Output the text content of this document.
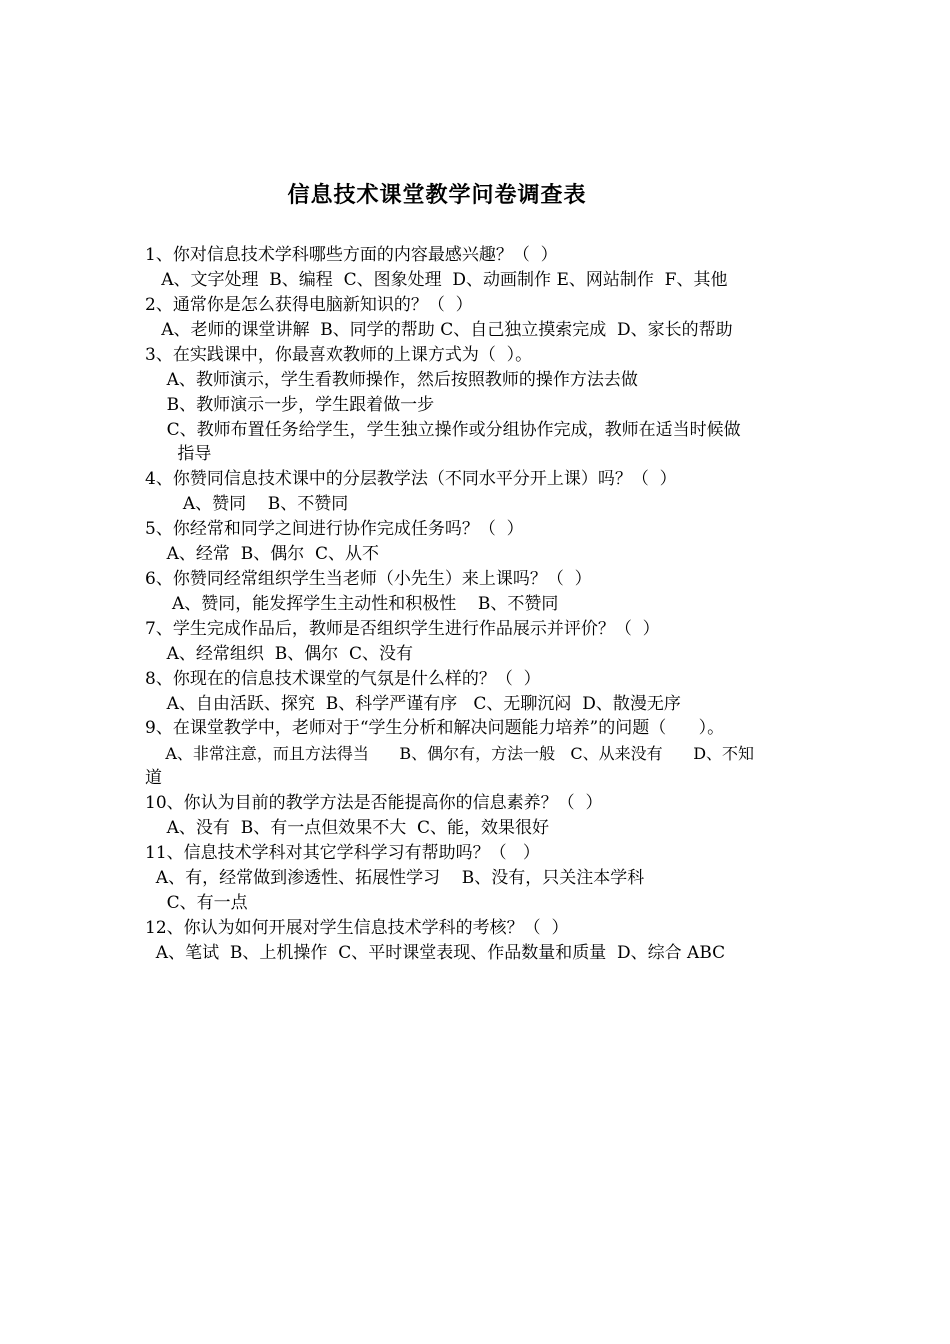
信息技术课堂教学问卷调查表
1、你对信息技术学科哪些方面的内容最感兴趣？（  ）
A、文字处理  B、编程  C、图象处理  D、动画制作 E、网站制作  F、其他
2、通常你是怎么获得电脑新知识的？（  ）
A、老师的课堂讲解  B、同学的帮助 C、自己独立摸索完成  D、家长的帮助
3、在实践课中，你最喜欢教师的上课方式为（  ）。
A、教师演示，学生看教师操作，然后按照教师的操作方法去做
B、教师演示一步，学生跟着做一步
C、教师布置任务给学生，学生独立操作或分组协作完成，教师在适当时候做
指导
4、你赞同信息技术课中的分层教学法（不同水平分开上课）吗？（  ）
A、赞同    B、不赞同
5、你经常和同学之间进行协作完成任务吗？（  ）
A、经常  B、偶尔  C、从不
6、你赞同经常组织学生当老师（小先生）来上课吗？（  ）
A、赞同，能发挥学生主动性和积极性    B、不赞同
7、学生完成作品后，教师是否组织学生进行作品展示并评价？（  ）
A、经常组织  B、偶尔  C、没有
8、你现在的信息技术课堂的气氛是什么样的？（  ）
A、自由活跃、探究  B、科学严谨有序   C、无聊沉闷  D、散漫无序
9、在课堂教学中，老师对于“学生分析和解决问题能力培养”的问题（      ）。
A、非常注意，而且方法得当      B、偶尔有，方法一般   C、从来没有      D、不知
道
10、你认为目前的教学方法是否能提高你的信息素养？（  ）
A、没有  B、有一点但效果不大  C、能，效果很好
11、信息技术学科对其它学科学习有帮助吗？（   ）
A、有，经常做到渗透性、拓展性学习    B、没有，只关注本学科
C、有一点
12、你认为如何开展对学生信息技术学科的考核？（  ）
A、笔试  B、上机操作  C、平时课堂表现、作品数量和质量  D、综合 ABC
